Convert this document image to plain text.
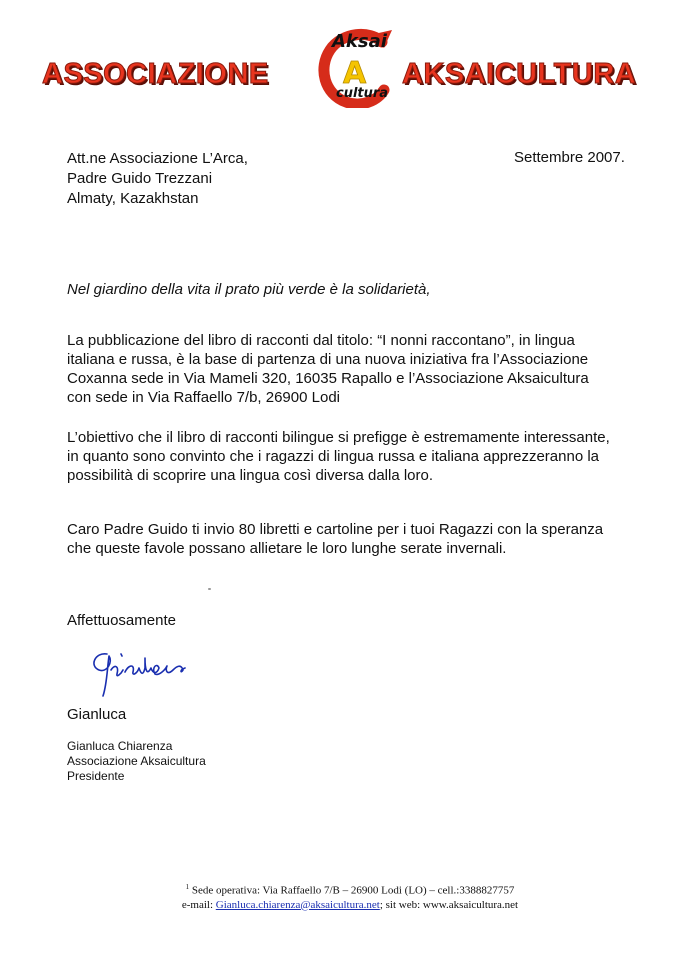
ASSOCIAZIONE A
Aksai
cultura
AKSAICULTURA
Att.ne Associazione L’Arca,
Padre Guido Trezzani
Almaty, Kazakhstan
Settembre 2007.
Nel giardino della vita il prato più verde è la solidarietà,
La pubblicazione del libro di racconti dal titolo: “I nonni raccontano”, in lingua
italiana e russa, è la base di partenza di una nuova iniziativa fra l’Associazione
Coxanna sede in Via Mameli 320, 16035 Rapallo e l’Associazione Aksaicultura
con sede in Via Raffaello 7/b, 26900 Lodi
L’obiettivo che il libro di racconti bilingue si prefigge è estremamente interessante,
in quanto sono convinto che i ragazzi di lingua russa e italiana apprezzeranno la
possibilità di scoprire una lingua così diversa dalla loro.
Caro Padre Guido ti invio 80 libretti e cartoline per i tuoi Ragazzi con la speranza
che queste favole possano allietare le loro lunghe serate invernali.
Affettuosamente
Gianluca
Gianluca Chiarenza
Associazione Aksaicultura
Presidente
$^1$ Sede operativa: Via Raffaello 7/B – 26900 Lodi (LO) – cell.:3388827757
e-mail: Gianluca.chiarenza@aksaicultura.net; sit web: www.aksaicultura.net
